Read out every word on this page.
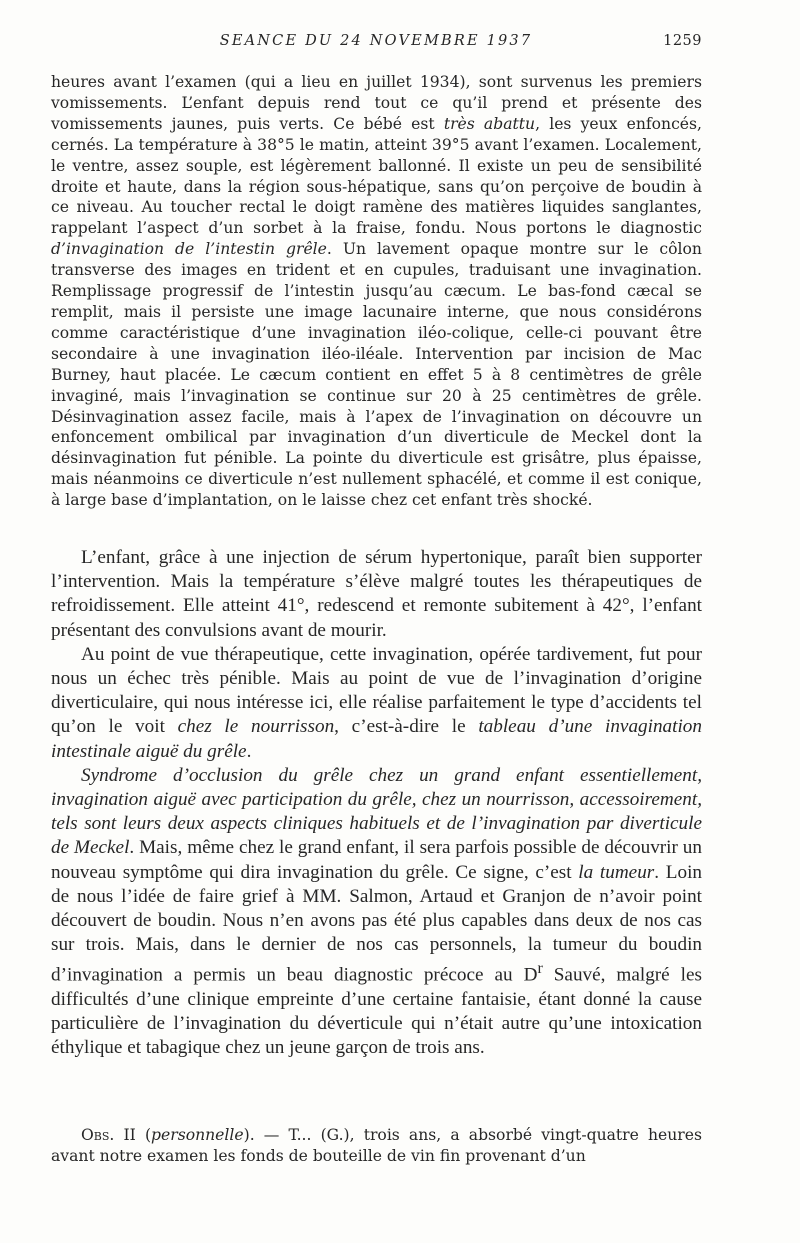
SEANCE DU 24 NOVEMBRE 1937	1259

heures avant l’examen (qui a lieu en juillet 1934), sont survenus les premiers vomissements. L’enfant depuis rend tout ce qu’il prend et présente des vomissements jaunes, puis verts. Ce bébé est très abattu, les yeux enfoncés, cernés. La température à 38°5 le matin, atteint 39°5 avant l’examen. Localement, le ventre, assez souple, est légèrement ballonné. Il existe un peu de sensibilité droite et haute, dans la région sous-hépatique, sans qu’on perçoive de boudin à ce niveau. Au toucher rectal le doigt ramène des matières liquides sanglantes, rappelant l’aspect d’un sorbet à la fraise, fondu. Nous portons le diagnostic d’invagination de l’intestin grêle. Un lavement opaque montre sur le côlon transverse des images en trident et en cupules, traduisant une invagination. Remplissage progressif de l’intestin jusqu’au cæcum. Le bas-fond cæcal se remplit, mais il persiste une image lacunaire interne, que nous considérons comme caractéristique d’une invagination iléo-colique, celle-ci pouvant être secondaire à une invagination iléo-iléale. Intervention par incision de Mac Burney, haut placée. Le cæcum contient en effet 5 à 8 centimètres de grêle invaginé, mais l’invagination se continue sur 20 à 25 centimètres de grêle. Désinvagination assez facile, mais à l’apex de l’invagination on découvre un enfoncement ombilical par invagination d’un diverticule de Meckel dont la désinvagination fut pénible. La pointe du diverticule est grisâtre, plus épaisse, mais néanmoins ce diverticule n’est nullement sphacélé, et comme il est conique, à large base d’implantation, on le laisse chez cet enfant très shocké.

L’enfant, grâce à une injection de sérum hypertonique, paraît bien supporter l’intervention. Mais la température s’élève malgré toutes les thérapeutiques de refroidissement. Elle atteint 41°, redescend et remonte subitement à 42°, l’enfant présentant des convulsions avant de mourir.

Au point de vue thérapeutique, cette invagination, opérée tardivement, fut pour nous un échec très pénible. Mais au point de vue de l’invagination d’origine diverticulaire, qui nous intéresse ici, elle réalise parfaitement le type d’accidents tel qu’on le voit chez le nourrisson, c’est-à-dire le tableau d’une invagination intestinale aiguë du grêle.

Syndrome d’occlusion du grêle chez un grand enfant essentiellement, invagination aiguë avec participation du grêle, chez un nourrisson, accessoirement, tels sont leurs deux aspects cliniques habituels et de l’invagination par diverticule de Meckel. Mais, même chez le grand enfant, il sera parfois possible de découvrir un nouveau symptôme qui dira invagination du grêle. Ce signe, c’est la tumeur. Loin de nous l’idée de faire grief à MM. Salmon, Artaud et Granjon de n’avoir point découvert de boudin. Nous n’en avons pas été plus capables dans deux de nos cas sur trois. Mais, dans le dernier de nos cas personnels, la tumeur du boudin d’invagination a permis un beau diagnostic précoce au $D^r$ Sauvé, malgré les difficultés d’une clinique empreinte d’une certaine fantaisie, étant donné la cause particulière de l’invagination du déverticule qui n’était autre qu’une intoxication éthylique et tabagique chez un jeune garçon de trois ans.

Obs. II (personnelle). — T... (G.), trois ans, a absorbé vingt-quatre heures avant notre examen les fonds de bouteille de vin fin provenant d’un
